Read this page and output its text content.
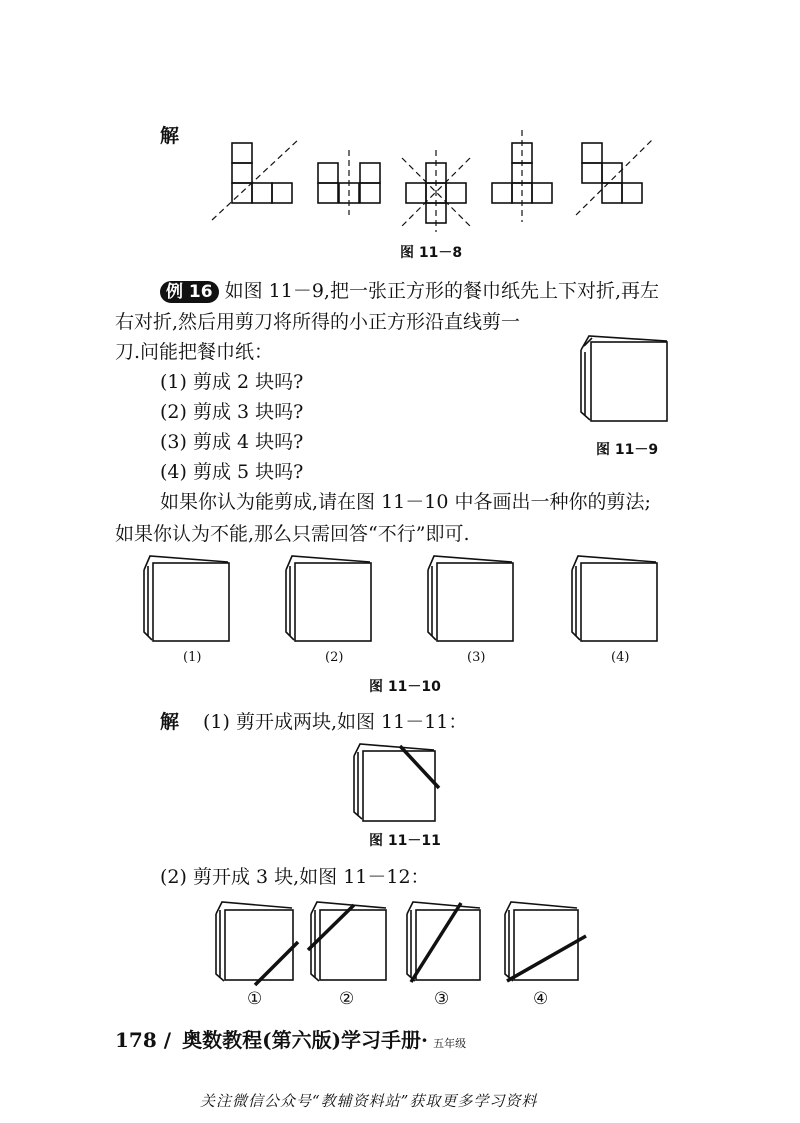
解
图 11－8
例 16 如图 11－9,把一张正方形的餐巾纸先上下对折,再左
右对折,然后用剪刀将所得的小正方形沿直线剪一
刀.问能把餐巾纸：
(1) 剪成 2 块吗?
(2) 剪成 3 块吗?
(3) 剪成 4 块吗?
(4) 剪成 5 块吗?
图 11－9
如果你认为能剪成,请在图 11－10 中各画出一种你的剪法;
如果你认为不能,那么只需回答“不行”即可.
(1)	(2)	(3)	(4)
图 11－10
解 (1) 剪开成两块,如图 11－11：
图 11－11
(2) 剪开成 3 块,如图 11－12：
①	②	③	④
178 / 奥数教程(第六版)学习手册· 五年级
关注微信公众号“教辅资料站”获取更多学习资料
